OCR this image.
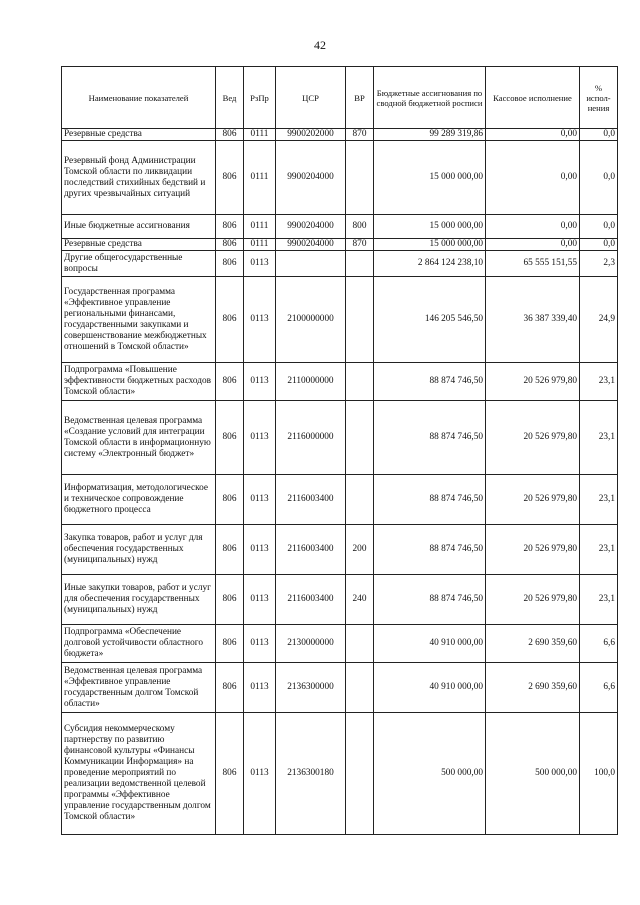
42
Наименование показателей	Вед	РзПр	ЦСР	ВР	Бюджетные ассигнования по сводной бюджетной росписи	Кассовое исполнение	% испол-нения
Резервные средства	806	0111	9900202000	870	99 289 319,86	0,00	0,0
Резервный фонд Администрации Томской области по ликвидации последствий стихийных бедствий и других чрезвычайных ситуаций	806	0111	9900204000		15 000 000,00	0,00	0,0
Иные бюджетные ассигнования	806	0111	9900204000	800	15 000 000,00	0,00	0,0
Резервные средства	806	0111	9900204000	870	15 000 000,00	0,00	0,0
Другие общегосударственные вопросы	806	0113			2 864 124 238,10	65 555 151,55	2,3
Государственная программа «Эффективное управление региональными финансами, государственными закупками и совершенствование межбюджетных отношений в Томской области»	806	0113	2100000000		146 205 546,50	36 387 339,40	24,9
Подпрограмма «Повышение эффективности бюджетных расходов Томской области»	806	0113	2110000000		88 874 746,50	20 526 979,80	23,1
Ведомственная целевая программа «Создание условий для интеграции Томской области в информационную систему «Электронный бюджет»	806	0113	2116000000		88 874 746,50	20 526 979,80	23,1
Информатизация, методологическое и техническое сопровождение бюджетного процесса	806	0113	2116003400		88 874 746,50	20 526 979,80	23,1
Закупка товаров, работ и услуг для обеспечения государственных (муниципальных) нужд	806	0113	2116003400	200	88 874 746,50	20 526 979,80	23,1
Иные закупки товаров, работ и услуг для обеспечения государственных (муниципальных) нужд	806	0113	2116003400	240	88 874 746,50	20 526 979,80	23,1
Подпрограмма «Обеспечение долговой устойчивости областного бюджета»	806	0113	2130000000		40 910 000,00	2 690 359,60	6,6
Ведомственная целевая программа «Эффективное управление государственным долгом Томской области»	806	0113	2136300000		40 910 000,00	2 690 359,60	6,6
Субсидия некоммерческому партнерству по развитию финансовой культуры «Финансы Коммуникации Информация» на проведение мероприятий по реализации ведомственной целевой программы «Эффективное управление государственным долгом Томской области»	806	0113	2136300180		500 000,00	500 000,00	100,0
